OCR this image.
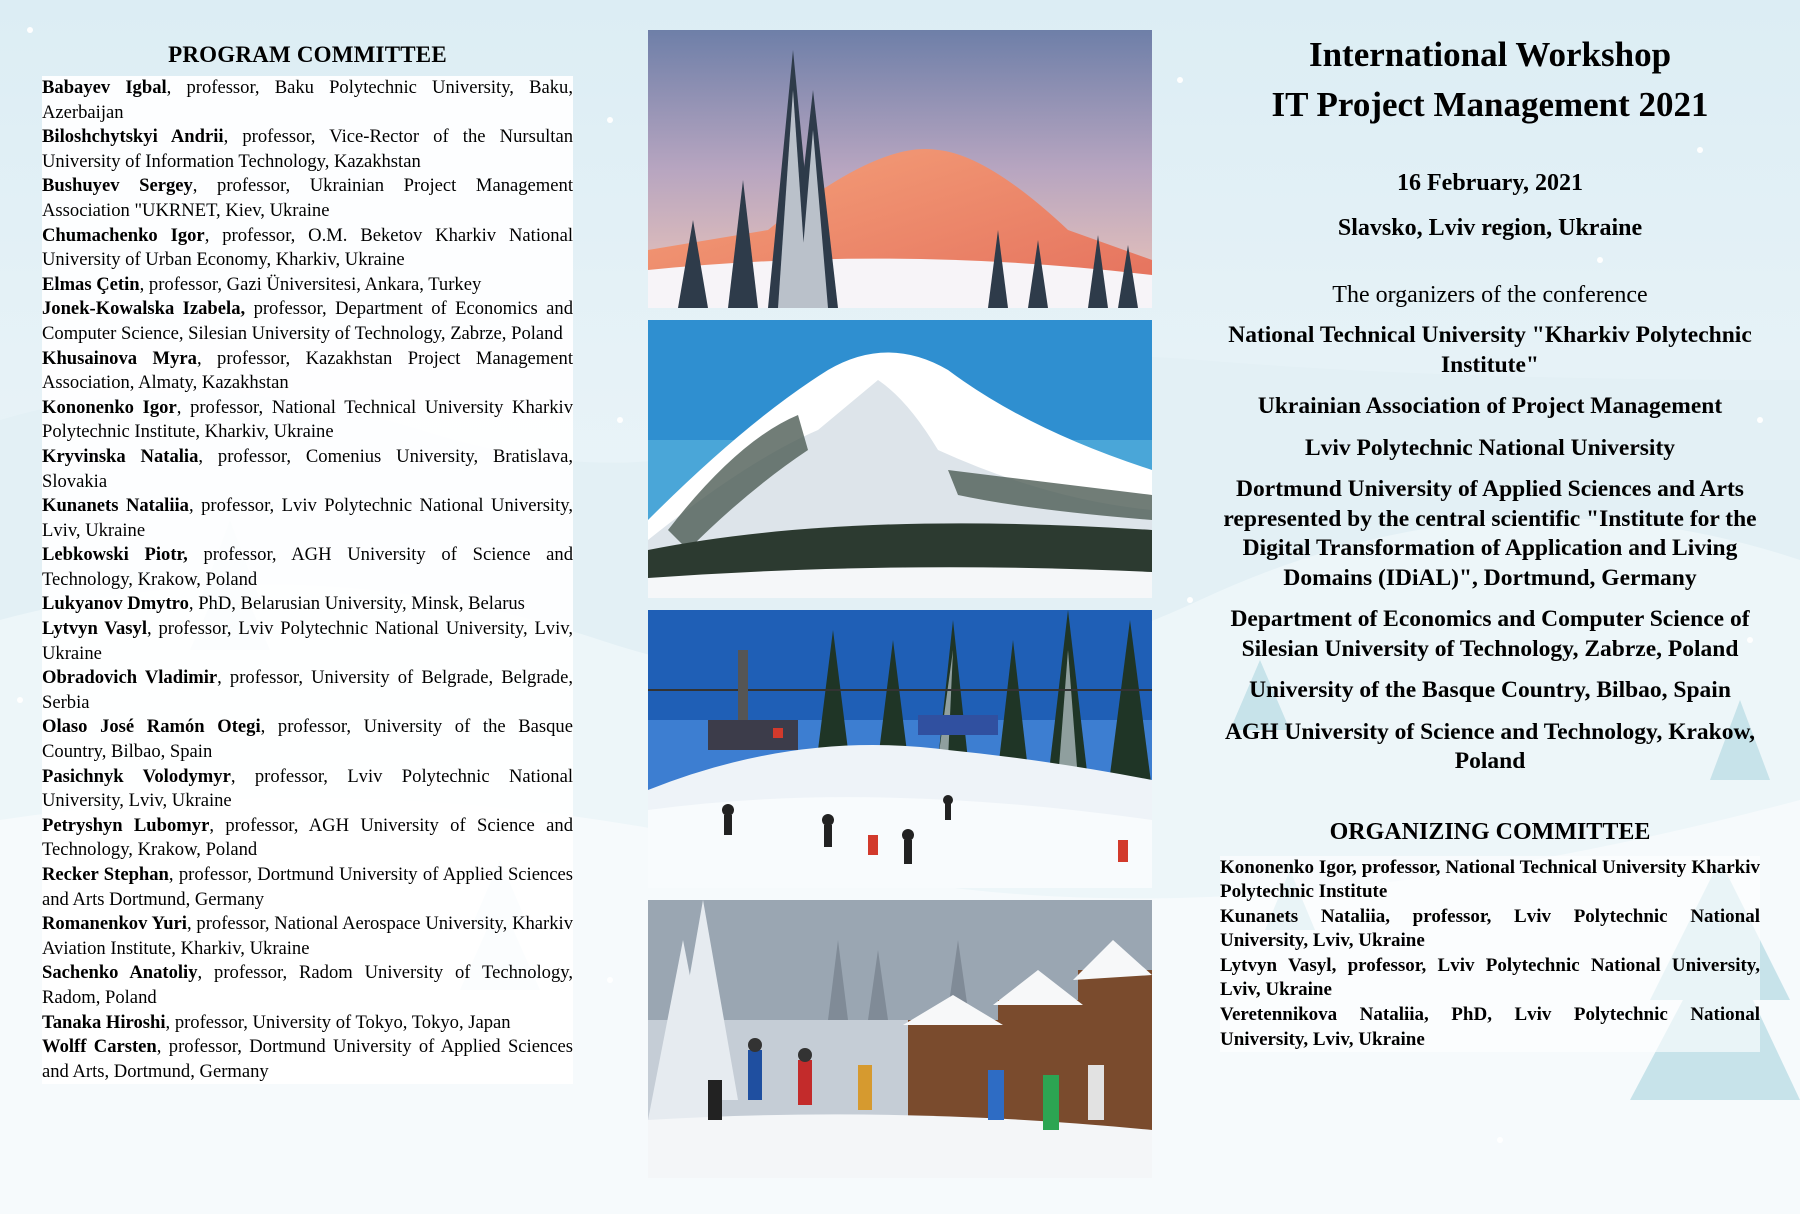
PROGRAM COMMITTEE

Babayev Igbal, professor, Baku Polytechnic University, Baku, Azerbaijan

Biloshchytskyi Andrii, professor, Vice-Rector of the Nursultan University of Information Technology, Kazakhstan

Bushuyev Sergey, professor, Ukrainian Project Management Association "UKRNET, Kiev, Ukraine

Chumachenko Igor, professor, O.M. Beketov Kharkiv National University of Urban Economy, Kharkiv, Ukraine

Elmas Çetin, professor, Gazi Üniversitesi, Ankara, Turkey

Jonek-Kowalska Izabela, professor, Department of Economics and Computer Science, Silesian University of Technology, Zabrze, Poland

Khusainova Myra, professor, Kazakhstan Project Management Association, Almaty, Kazakhstan

Kononenko Igor, professor, National Technical University Kharkiv Polytechnic Institute, Kharkiv, Ukraine

Kryvinska Natalia, professor, Comenius University, Bratislava, Slovakia

Kunanets Nataliia, professor, Lviv Polytechnic National University, Lviv, Ukraine

Lebkowski Piotr, professor, AGH University of Science and Technology, Krakow, Poland

Lukyanov Dmytro, PhD, Belarusian University, Minsk, Belarus

Lytvyn Vasyl, professor, Lviv Polytechnic National University, Lviv, Ukraine

Obradovich Vladimir, professor, University of Belgrade, Belgrade, Serbia

Olaso José Ramón Otegi, professor, University of the Basque Country, Bilbao, Spain

Pasichnyk Volodymyr, professor, Lviv Polytechnic National University, Lviv, Ukraine

Petryshyn Lubomyr, professor, AGH University of Science and Technology, Krakow, Poland

Recker Stephan, professor, Dortmund University of Applied Sciences and Arts Dortmund, Germany

Romanenkov Yuri, professor, National Aerospace University, Kharkiv Aviation Institute, Kharkiv, Ukraine

Sachenko Anatoliy, professor, Radom University of Technology, Radom, Poland

Tanaka Hiroshi, professor, University of Tokyo, Tokyo, Japan

Wolff Carsten, professor, Dortmund University of Applied Sciences and Arts, Dortmund, Germany

International Workshop

IT Project Management 2021

16 February, 2021
Slavsko, Lviv region, Ukraine
The organizers of the conference
National Technical University "Kharkiv Polytechnic Institute"
Ukrainian Association of Project Management
Lviv Polytechnic National University
Dortmund University of Applied Sciences and Arts represented by the central scientific "Institute for the Digital Transformation of Application and Living Domains (IDiAL)", Dortmund, Germany
Department of Economics and Computer Science of Silesian University of Technology, Zabrze, Poland
University of the Basque Country, Bilbao, Spain
AGH University of Science and Technology, Krakow, Poland
ORGANIZING COMMITTEE

Kononenko Igor, professor, National Technical University Kharkiv Polytechnic Institute

Kunanets Nataliia, professor, Lviv Polytechnic National University, Lviv, Ukraine

Lytvyn Vasyl, professor, Lviv Polytechnic National University, Lviv, Ukraine

Veretennikova Nataliia, PhD, Lviv Polytechnic National University, Lviv, Ukraine
